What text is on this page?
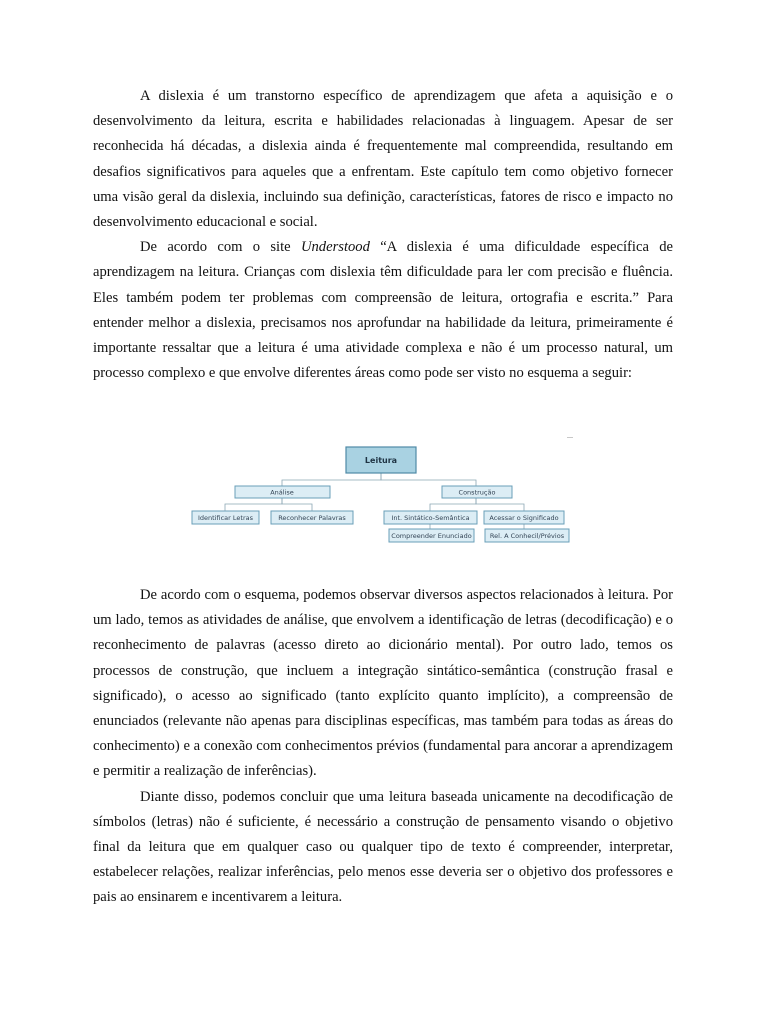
A dislexia é um transtorno específico de aprendizagem que afeta a aquisição e o desenvolvimento da leitura, escrita e habilidades relacionadas à linguagem. Apesar de ser reconhecida há décadas, a dislexia ainda é frequentemente mal compreendida, resultando em desafios significativos para aqueles que a enfrentam. Este capítulo tem como objetivo fornecer uma visão geral da dislexia, incluindo sua definição, características, fatores de risco e impacto no desenvolvimento educacional e social.

De acordo com o site Understood “A dislexia é uma dificuldade específica de aprendizagem na leitura. Crianças com dislexia têm dificuldade para ler com precisão e fluência. Eles também podem ter problemas com compreensão de leitura, ortografia e escrita.” Para entender melhor a dislexia, precisamos nos aprofundar na habilidade da leitura, primeiramente é importante ressaltar que a leitura é uma atividade complexa e não é um processo natural, um processo complexo e que envolve diferentes áreas como pode ser visto no esquema a seguir:

Leitura
Análise	Construção
Identificar Letras	Reconhecer Palavras	Int. Sintático-Semântica	Acessar o Significado
Compreender Enunciado	Rel. A Conhecil/Prévios

De acordo com o esquema, podemos observar diversos aspectos relacionados à leitura. Por um lado, temos as atividades de análise, que envolvem a identificação de letras (decodificação) e o reconhecimento de palavras (acesso direto ao dicionário mental). Por outro lado, temos os processos de construção, que incluem a integração sintático-semântica (construção frasal e significado), o acesso ao significado (tanto explícito quanto implícito), a compreensão de enunciados (relevante não apenas para disciplinas específicas, mas também para todas as áreas do conhecimento) e a conexão com conhecimentos prévios (fundamental para ancorar a aprendizagem e permitir a realização de inferências).

Diante disso, podemos concluir que uma leitura baseada unicamente na decodificação de símbolos (letras) não é suficiente, é necessário a construção de pensamento visando o objetivo final da leitura que em qualquer caso ou qualquer tipo de texto é compreender, interpretar, estabelecer relações, realizar inferências, pelo menos esse deveria ser o objetivo dos professores e pais ao ensinarem e incentivarem a leitura.
